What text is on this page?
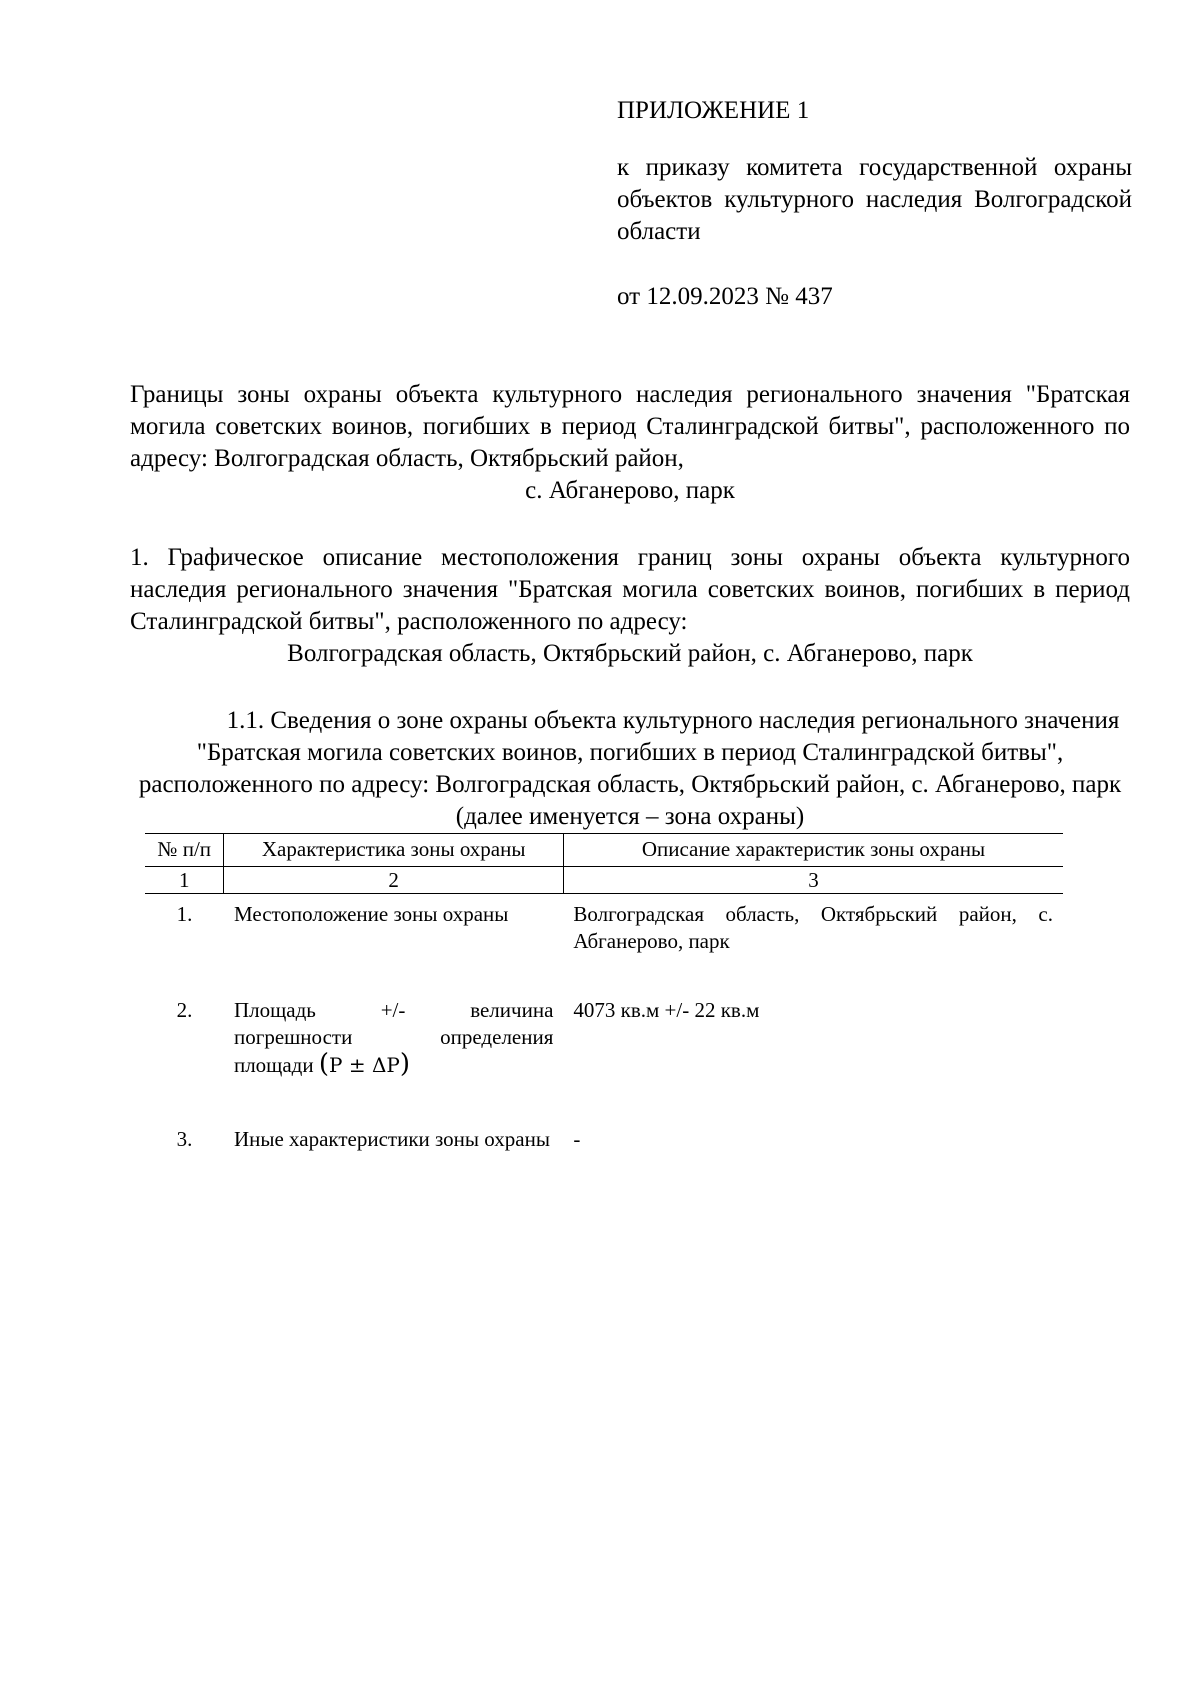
ПРИЛОЖЕНИЕ 1
к приказу комитета государственной охраны объектов культурного наследия Волгоградской области
от 12.09.2023 № 437
Границы зоны охраны объекта культурного наследия регионального значения "Братская могила советских воинов, погибших в период Сталинградской битвы", расположенного по адресу: Волгоградская область, Октябрьский район,
с. Абганерово, парк
1. Графическое описание местоположения границ зоны охраны объекта культурного наследия регионального значения "Братская могила советских воинов, погибших в период Сталинградской битвы", расположенного по адресу:
Волгоградская область, Октябрьский район, с. Абганерово, парк
1.1. Сведения о зоне охраны объекта культурного наследия регионального значения "Братская могила советских воинов, погибших в период Сталинградской битвы", расположенного по адресу: Волгоградская область, Октябрьский район, с. Абганерово, парк (далее именуется – зона охраны)
№ п/п	Характеристика зоны охраны	Описание характеристик зоны охраны
1	2	3
1.	Местоположение зоны охраны	Волгоградская область, Октябрьский район, с. Абганерово, парк
2.	Площадь +/- величина погрешности определения площади (P ± ΔP)	4073 кв.м +/- 22 кв.м
3.	Иные характеристики зоны охраны	-
